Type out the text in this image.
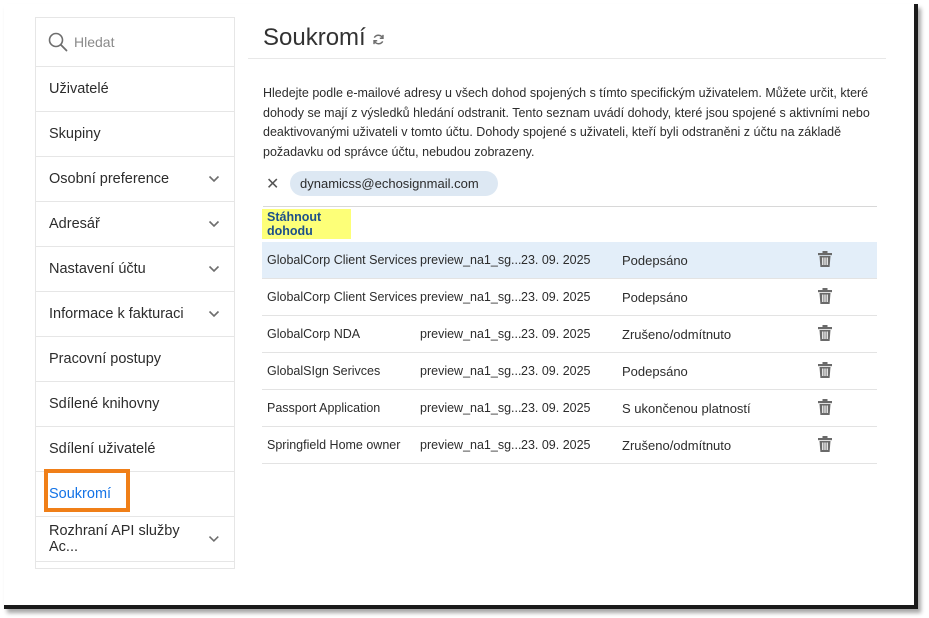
Hledat
Uživatelé
Skupiny
Osobní preference
Adresář
Nastavení účtu
Informace k fakturaci
Pracovní postupy
Sdílené knihovny
Sdílení uživatelé
Soukromí
Rozhraní API služby Ac...
Soukromí

Hledejte podle e-mailové adresy u všech dohod spojených s tímto specifickým uživatelem. Můžete určit, které dohody se mají z výsledků hledání odstranit. Tento seznam uvádí dohody, které jsou spojené s aktivními nebo deaktivovanými uživateli v tomto účtu. Dohody spojené s uživateli, kteří byli odstraněni z účtu na základě požadavku od správce účtu, nebudou zobrazeny.

✕	dynamicss@echosignmail.com
Stáhnout dohodu
GlobalCorp Client Services preview_na1_sg... 23. 09. 2025 Podepsáno
GlobalCorp Client Services preview_na1_sg... 23. 09. 2025 Podepsáno
GlobalCorp NDA	preview_na1_sg... 23. 09. 2025 Zrušeno/odmítnuto
GlobalSIgn Serivces	preview_na1_sg... 23. 09. 2025 Podepsáno
Passport Application	preview_na1_sg... 23. 09. 2025 S ukončenou platností
Springfield Home owner preview_na1_sg... 23. 09. 2025 Zrušeno/odmítnuto
